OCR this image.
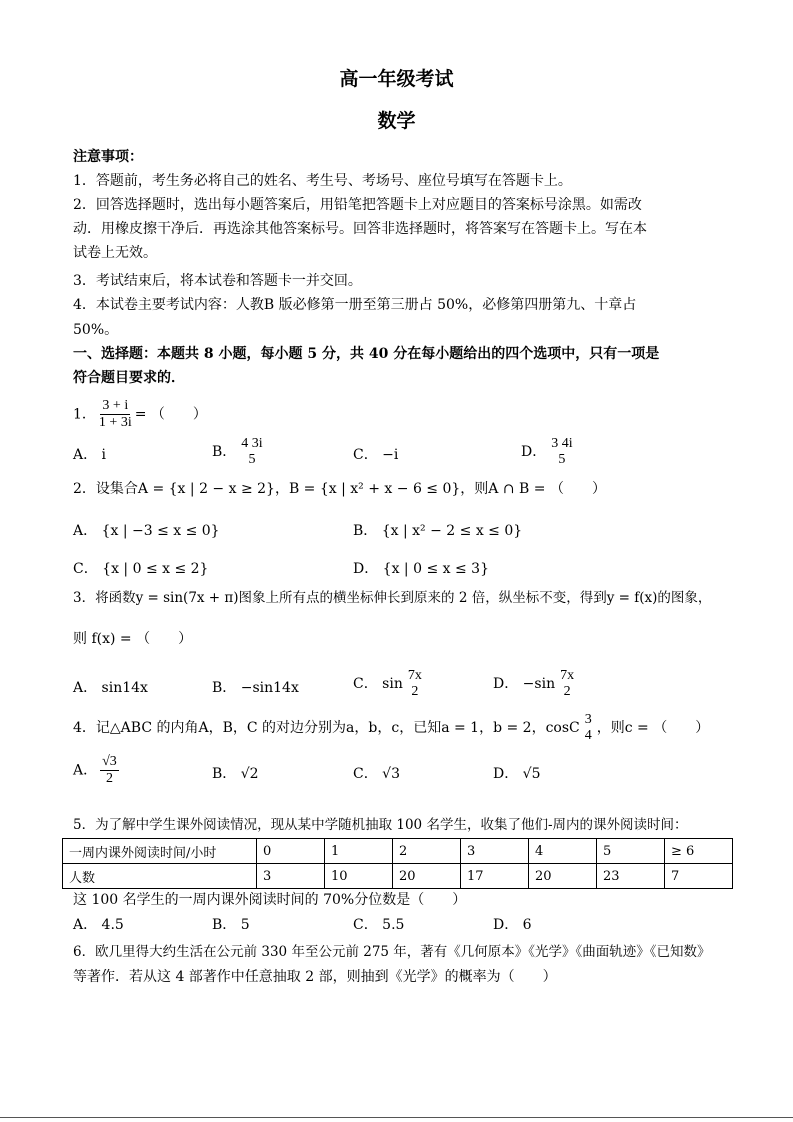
高一年级考试
数学
注意事项：
1．答题前，考生务必将自己的姓名、考生号、考场号、座位号填写在答题卡上。
2．回答选择题时，选出每小题答案后，用铅笔把答题卡上对应题目的答案标号涂黑。如需改
动．用橡皮擦干净后．再选涂其他答案标号。回答非选择题时，将答案写在答题卡上。写在本
试卷上无效。
3．考试结束后，将本试卷和答题卡一并交回。
4．本试卷主要考试内容：人教B 版必修第一册至第三册占 50%，必修第四册第九、十章占
50%。
一、选择题：本题共 8 小题，每小题 5 分，共 40 分在每小题给出的四个选项中，只有一项是
符合题目要求的．
1． $\frac{3 + i}{1 + 3i}$ = （　　）
A． i	B．
4 3i
5	C． −i	D．
3 4i
5
2．设集合A = {x | 2 − x ≥ 2}，B = {x | x² + x − 6 ≤ 0}，则A ∩ B = （　　）
A． {x | −3 ≤ x ≤ 0}	B． {x | x² − 2 ≤ x ≤ 0}
C． {x | 0 ≤ x ≤ 2}	D． {x | 0 ≤ x ≤ 3}
3．将函数y = sin(7x + π)图象上所有点的横坐标伸长到原来的 2 倍，纵坐标不变，得到y = f(x)的图象，
则 f(x) = （　　）
A． sin14x	B． −sin14x	C． sin
7x
2	D． −sin
7x
2
4．记△ABC 的内角A，B，C 的对边分别为a，b，c，已知a = 1，b = 2，cosC
3
4 ，则c = （　　）
A． $\frac{√3}{2}$	B． √2	C． √3	D． √5
5．为了解中学生课外阅读情况，现从某中学随机抽取 100 名学生，收集了他们-周内的课外阅读时间：
一周内课外阅读时间/小时	0	1	2	3	4	5	≥ 6
人数	3	10	20	17	20	23	7
这 100 名学生的一周内课外阅读时间的 70%分位数是（　　）
A． 4.5	B． 5	C． 5.5	D． 6
6．欧几里得大约生活在公元前 330 年至公元前 275 年，著有《几何原本》《光学》《曲面轨迹》《已知数》
等著作．若从这 4 部著作中任意抽取 2 部，则抽到《光学》的概率为（　　）
